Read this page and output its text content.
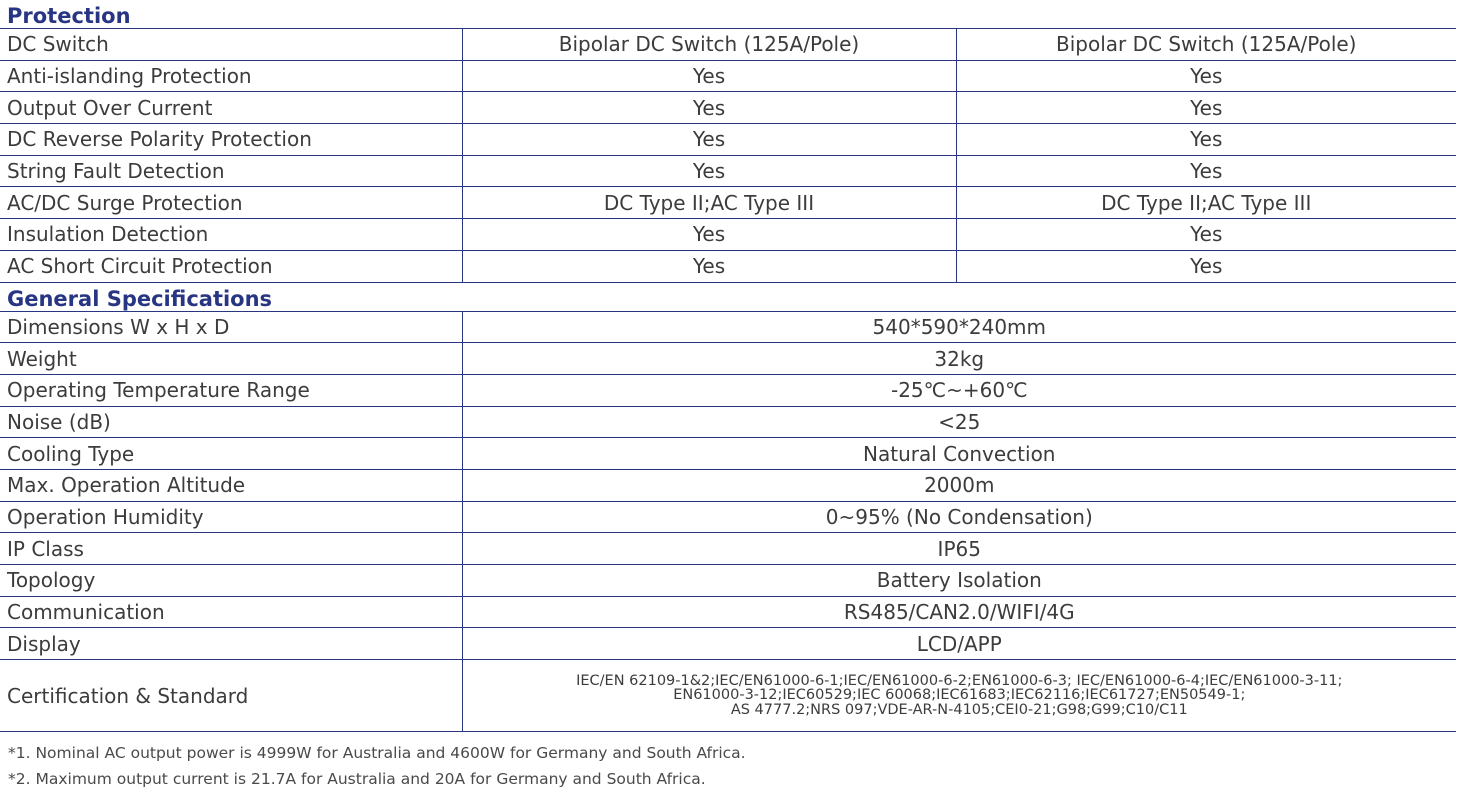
Protection		
DC Switch	Bipolar DC Switch (125A/Pole)	Bipolar DC Switch (125A/Pole)
Anti-islanding Protection	Yes	Yes
Output Over Current	Yes	Yes
DC Reverse Polarity Protection	Yes	Yes
String Fault Detection	Yes	Yes
AC/DC Surge Protection	DC Type II;AC Type III	DC Type II;AC Type III
Insulation Detection	Yes	Yes
AC Short Circuit Protection	Yes	Yes
General Specifications		
Dimensions W x H x D	540*590*240mm	
Weight	32kg	
Operating Temperature Range	-25℃~+60℃	
Noise (dB)	<25	
Cooling Type	Natural Convection	
Max. Operation Altitude	2000m	
Operation Humidity	0~95% (No Condensation)	
IP Class	IP65	
Topology	Battery Isolation	
Communication	RS485/CAN2.0/WIFI/4G	
Display	LCD/APP	
Certification & Standard	IEC/EN 62109-1&2;IEC/EN61000-6-1;IEC/EN61000-6-2;EN61000-6-3; IEC/EN61000-6-4;IEC/EN61000-3-11;
EN61000-3-12;IEC60529;IEC 60068;IEC61683;IEC62116;IEC61727;EN50549-1;
AS 4777.2;NRS 097;VDE-AR-N-4105;CEI0-21;G98;G99;C10/C11	
*1. Nominal AC output power is 4999W for Australia and 4600W for Germany and South Africa.
*2. Maximum output current is 21.7A for Australia and 20A for Germany and South Africa.
